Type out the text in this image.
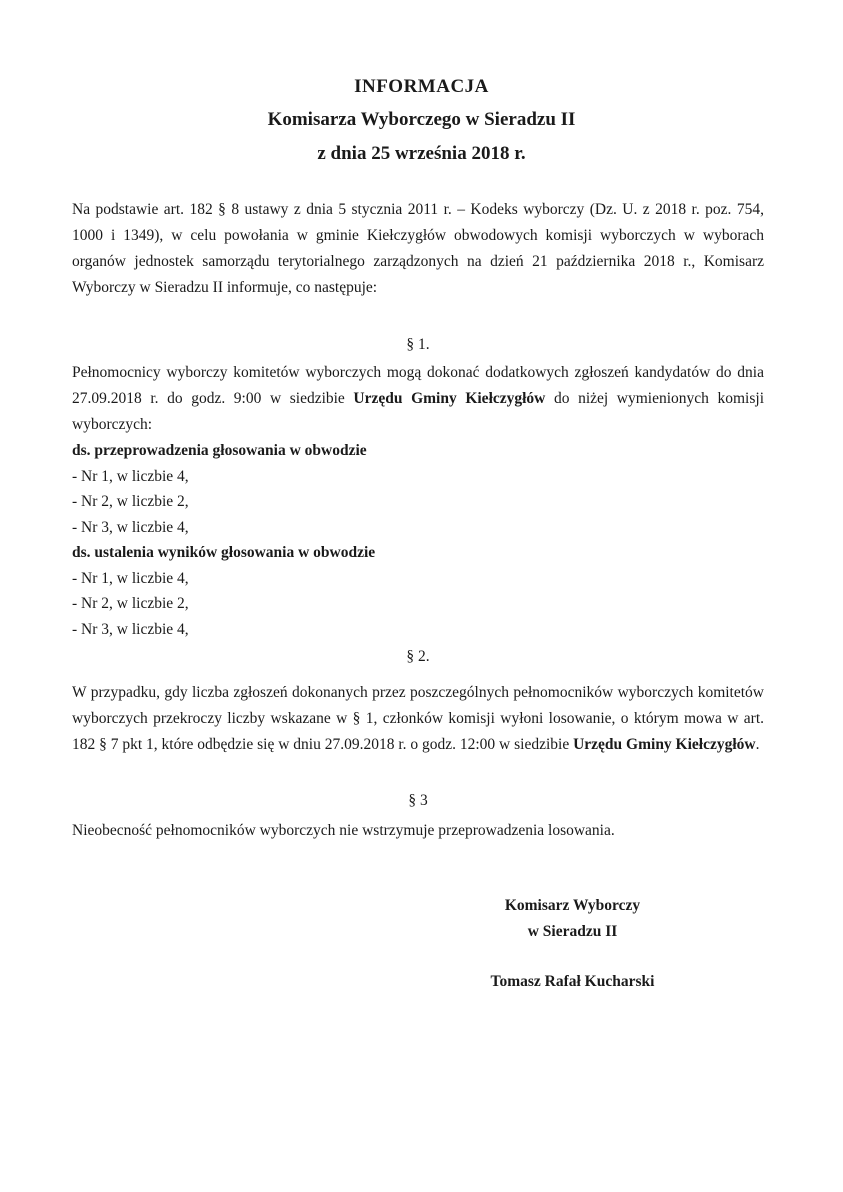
INFORMACJA
Komisarza Wyborczego w Sieradzu II
z dnia 25 września 2018 r.
Na podstawie art. 182 § 8 ustawy z dnia 5 stycznia 2011 r. – Kodeks wyborczy (Dz. U. z 2018 r. poz. 754, 1000 i 1349), w celu powołania w gminie Kiełczygłów obwodowych komisji wyborczych w wyborach organów jednostek samorządu terytorialnego zarządzonych na dzień 21 października 2018 r., Komisarz Wyborczy w Sieradzu II informuje, co następuje:
§ 1.
Pełnomocnicy wyborczy komitetów wyborczych mogą dokonać dodatkowych zgłoszeń kandydatów do dnia 27.09.2018 r. do godz. 9:00 w siedzibie Urzędu Gminy Kiełczygłów do niżej wymienionych komisji wyborczych:
ds. przeprowadzenia głosowania w obwodzie
- Nr 1, w liczbie 4,
- Nr 2, w liczbie 2,
- Nr 3, w liczbie 4,
ds. ustalenia wyników głosowania w obwodzie
- Nr 1, w liczbie 4,
- Nr 2, w liczbie 2,
- Nr 3, w liczbie 4,
§ 2.
W przypadku, gdy liczba zgłoszeń dokonanych przez poszczególnych pełnomocników wyborczych komitetów wyborczych przekroczy liczby wskazane w § 1, członków komisji wyłoni losowanie, o którym mowa w art. 182 § 7 pkt 1, które odbędzie się w dniu 27.09.2018 r. o godz. 12:00 w siedzibie Urzędu Gminy Kiełczygłów.
§ 3
Nieobecność pełnomocników wyborczych nie wstrzymuje przeprowadzenia losowania.
Komisarz Wyborczy
w Sieradzu II
Tomasz Rafał Kucharski
